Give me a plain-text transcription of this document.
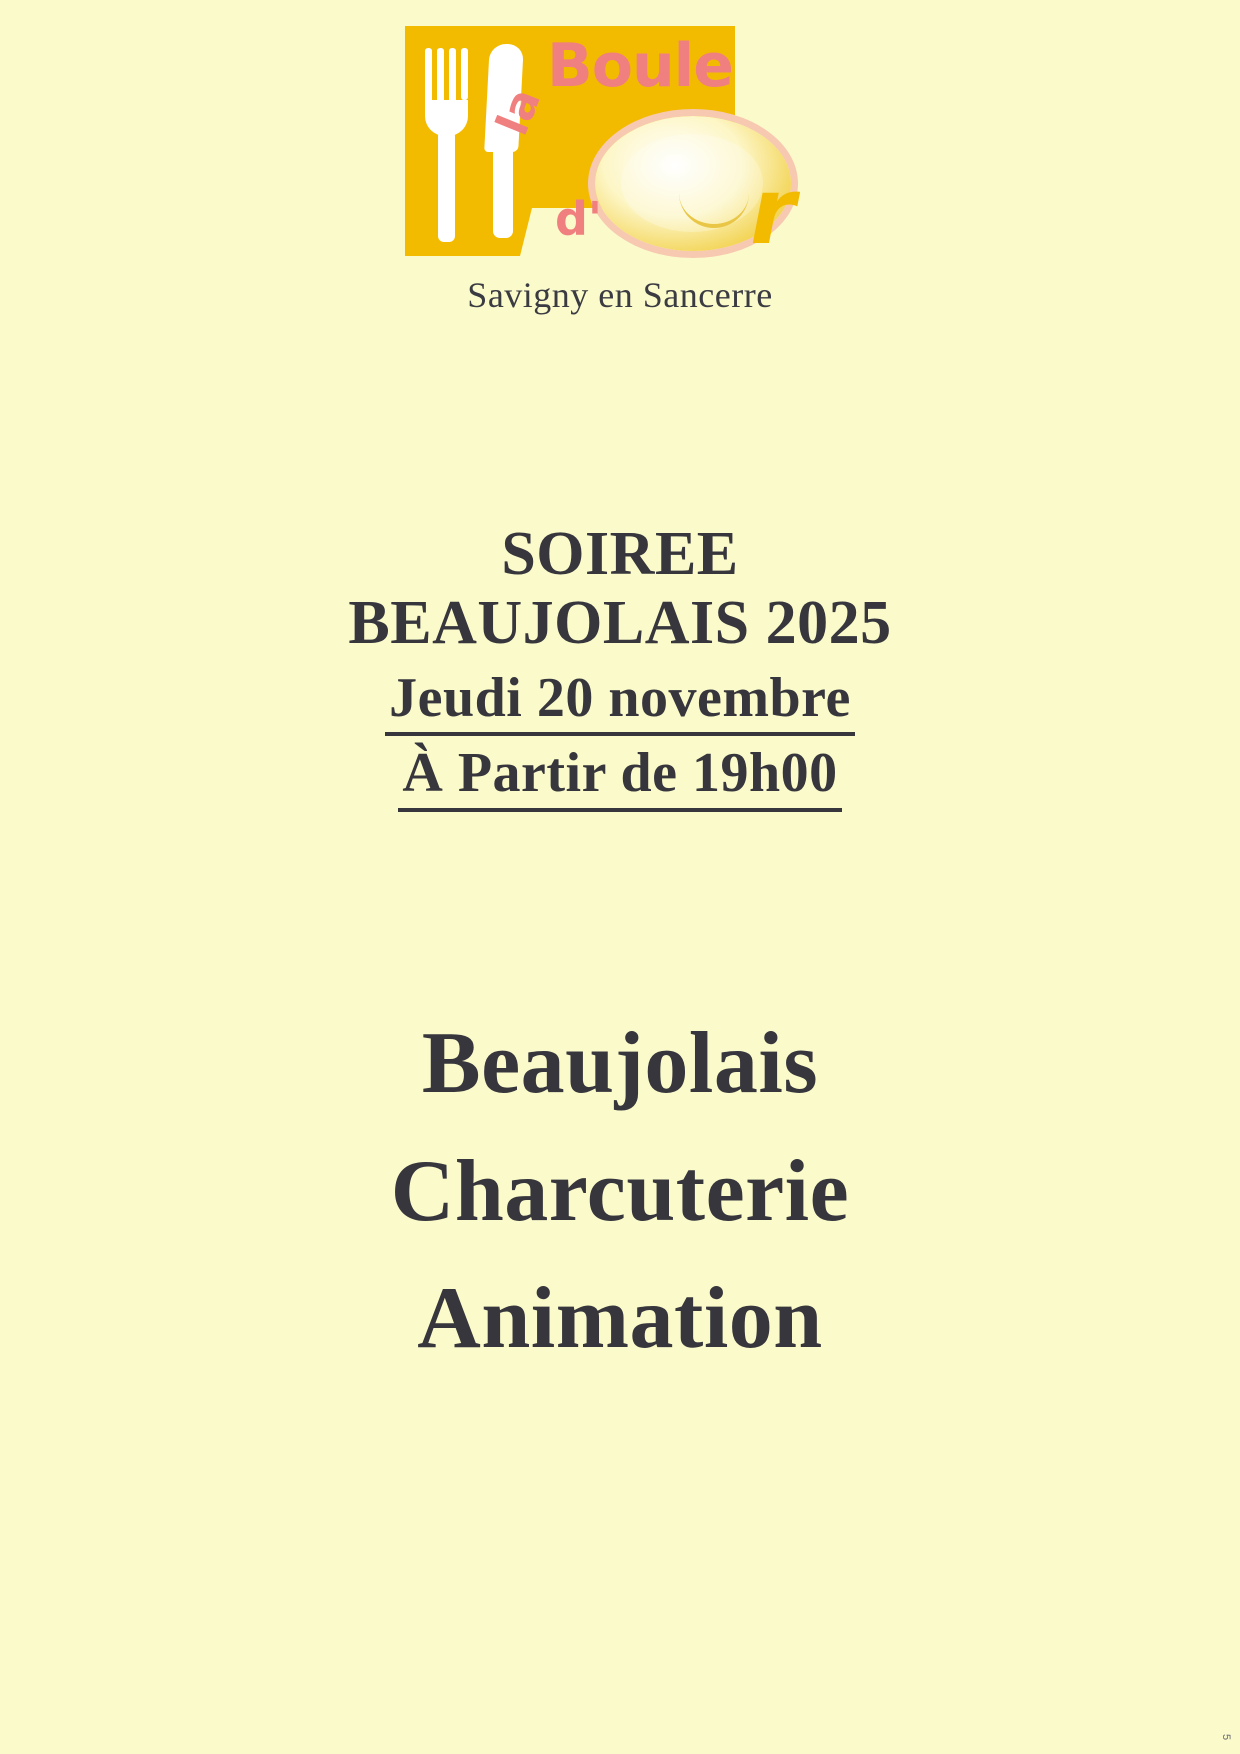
la
Boule
d' r
Savigny en Sancerre
SOIREE
BEAUJOLAIS 2025
Jeudi 20 novembre
À Partir de 19h00
Beaujolais
Charcuterie
Animation
5
